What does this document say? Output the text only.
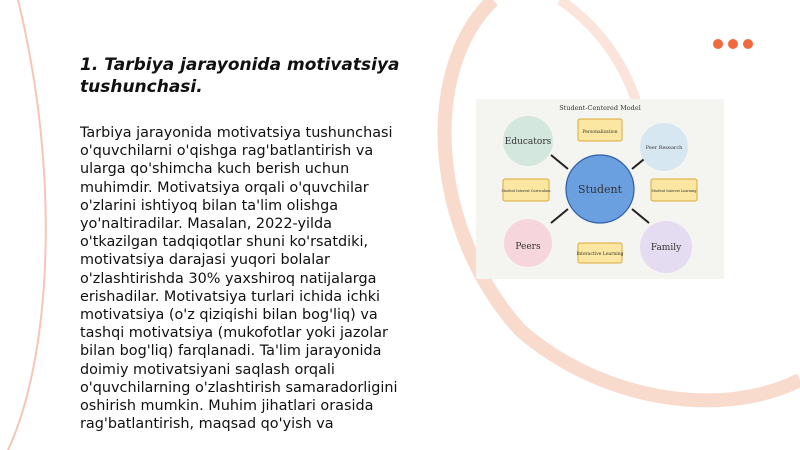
1. Tarbiya jarayonida motivatsiya
tushunchasi.

Tarbiya jarayonida motivatsiya tushunchasi
o'quvchilarni o'qishga rag'batlantirish va
ularga qo'shimcha kuch berish uchun
muhimdir. Motivatsiya orqali o'quvchilar
o'zlarini ishtiyoq bilan ta'lim olishga
yo'naltiradilar. Masalan, 2022-yilda
o'tkazilgan tadqiqotlar shuni ko'rsatdiki,
motivatsiya darajasi yuqori bolalar
o'zlashtirishda 30% yaxshiroq natijalarga
erishadilar. Motivatsiya turlari ichida ichki
motivatsiya (o'z qiziqishi bilan bog'liq) va
tashqi motivatsiya (mukofotlar yoki jazolar
bilan bog'liq) farqlanadi. Ta'lim jarayonida
doimiy motivatsiyani saqlash orqali
o'quvchilarning o'zlashtirish samaradorligini
oshirish mumkin. Muhim jihatlari orasida
rag'batlantirish, maqsad qo'yish va

Student-Centered Model
Educators
Peer Research
Peers	Family
Personalization
Interactive Learning
Student Interest Curriculum	Student Interest Learning
Student
